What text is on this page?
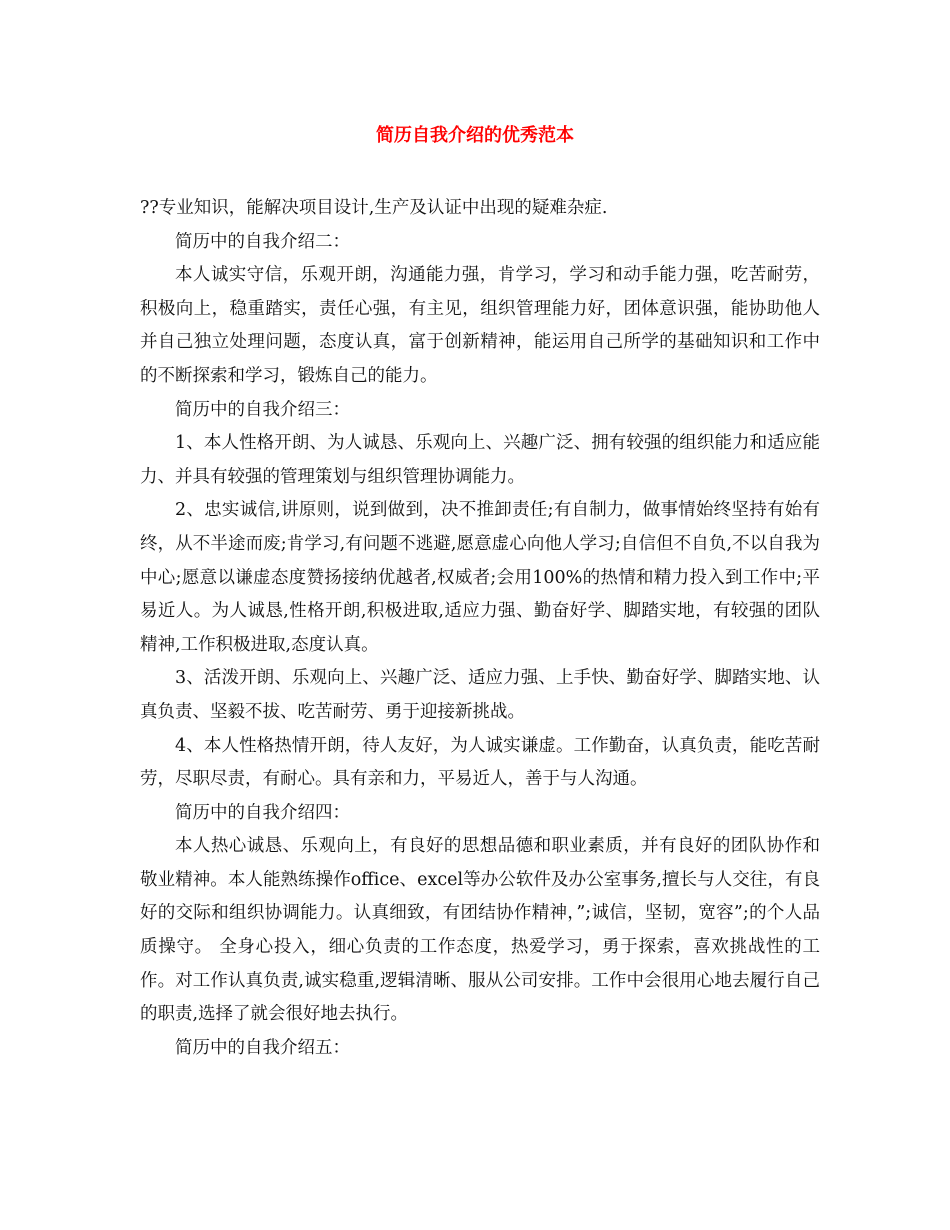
简历自我介绍的优秀范本

??专业知识，能解决项目设计,生产及认证中出现的疑难杂症.

简历中的自我介绍二：

本人诚实守信，乐观开朗，沟通能力强，肯学习，学习和动手能力强，吃苦耐劳，积极向上，稳重踏实，责任心强，有主见，组织管理能力好，团体意识强，能协助他人并自己独立处理问题，态度认真，富于创新精神，能运用自己所学的基础知识和工作中的不断探索和学习，锻炼自己的能力。

简历中的自我介绍三：

1、本人性格开朗、为人诚恳、乐观向上、兴趣广泛、拥有较强的组织能力和适应能力、并具有较强的管理策划与组织管理协调能力。

2、忠实诚信,讲原则，说到做到，决不推卸责任;有自制力，做事情始终坚持有始有终，从不半途而废;肯学习,有问题不逃避,愿意虚心向他人学习;自信但不自负,不以自我为中心;愿意以谦虚态度赞扬接纳优越者,权威者;会用100%的热情和精力投入到工作中;平易近人。为人诚恳,性格开朗,积极进取,适应力强、勤奋好学、脚踏实地，有较强的团队精神,工作积极进取,态度认真。

3、活泼开朗、乐观向上、兴趣广泛、适应力强、上手快、勤奋好学、脚踏实地、认真负责、坚毅不拔、吃苦耐劳、勇于迎接新挑战。

4、本人性格热情开朗，待人友好，为人诚实谦虚。工作勤奋，认真负责，能吃苦耐劳，尽职尽责，有耐心。具有亲和力，平易近人，善于与人沟通。

简历中的自我介绍四：

本人热心诚恳、乐观向上，有良好的思想品德和职业素质，并有良好的团队协作和敬业精神。本人能熟练操作office、excel等办公软件及办公室事务,擅长与人交往，有良好的交际和组织协调能力。认真细致，有团结协作精神，”;诚信，坚韧，宽容”;的个人品质操守。 全身心投入，细心负责的工作态度，热爱学习，勇于探索，喜欢挑战性的工作。对工作认真负责,诚实稳重,逻辑清晰、服从公司安排。工作中会很用心地去履行自己的职责,选择了就会很好地去执行。

简历中的自我介绍五：
